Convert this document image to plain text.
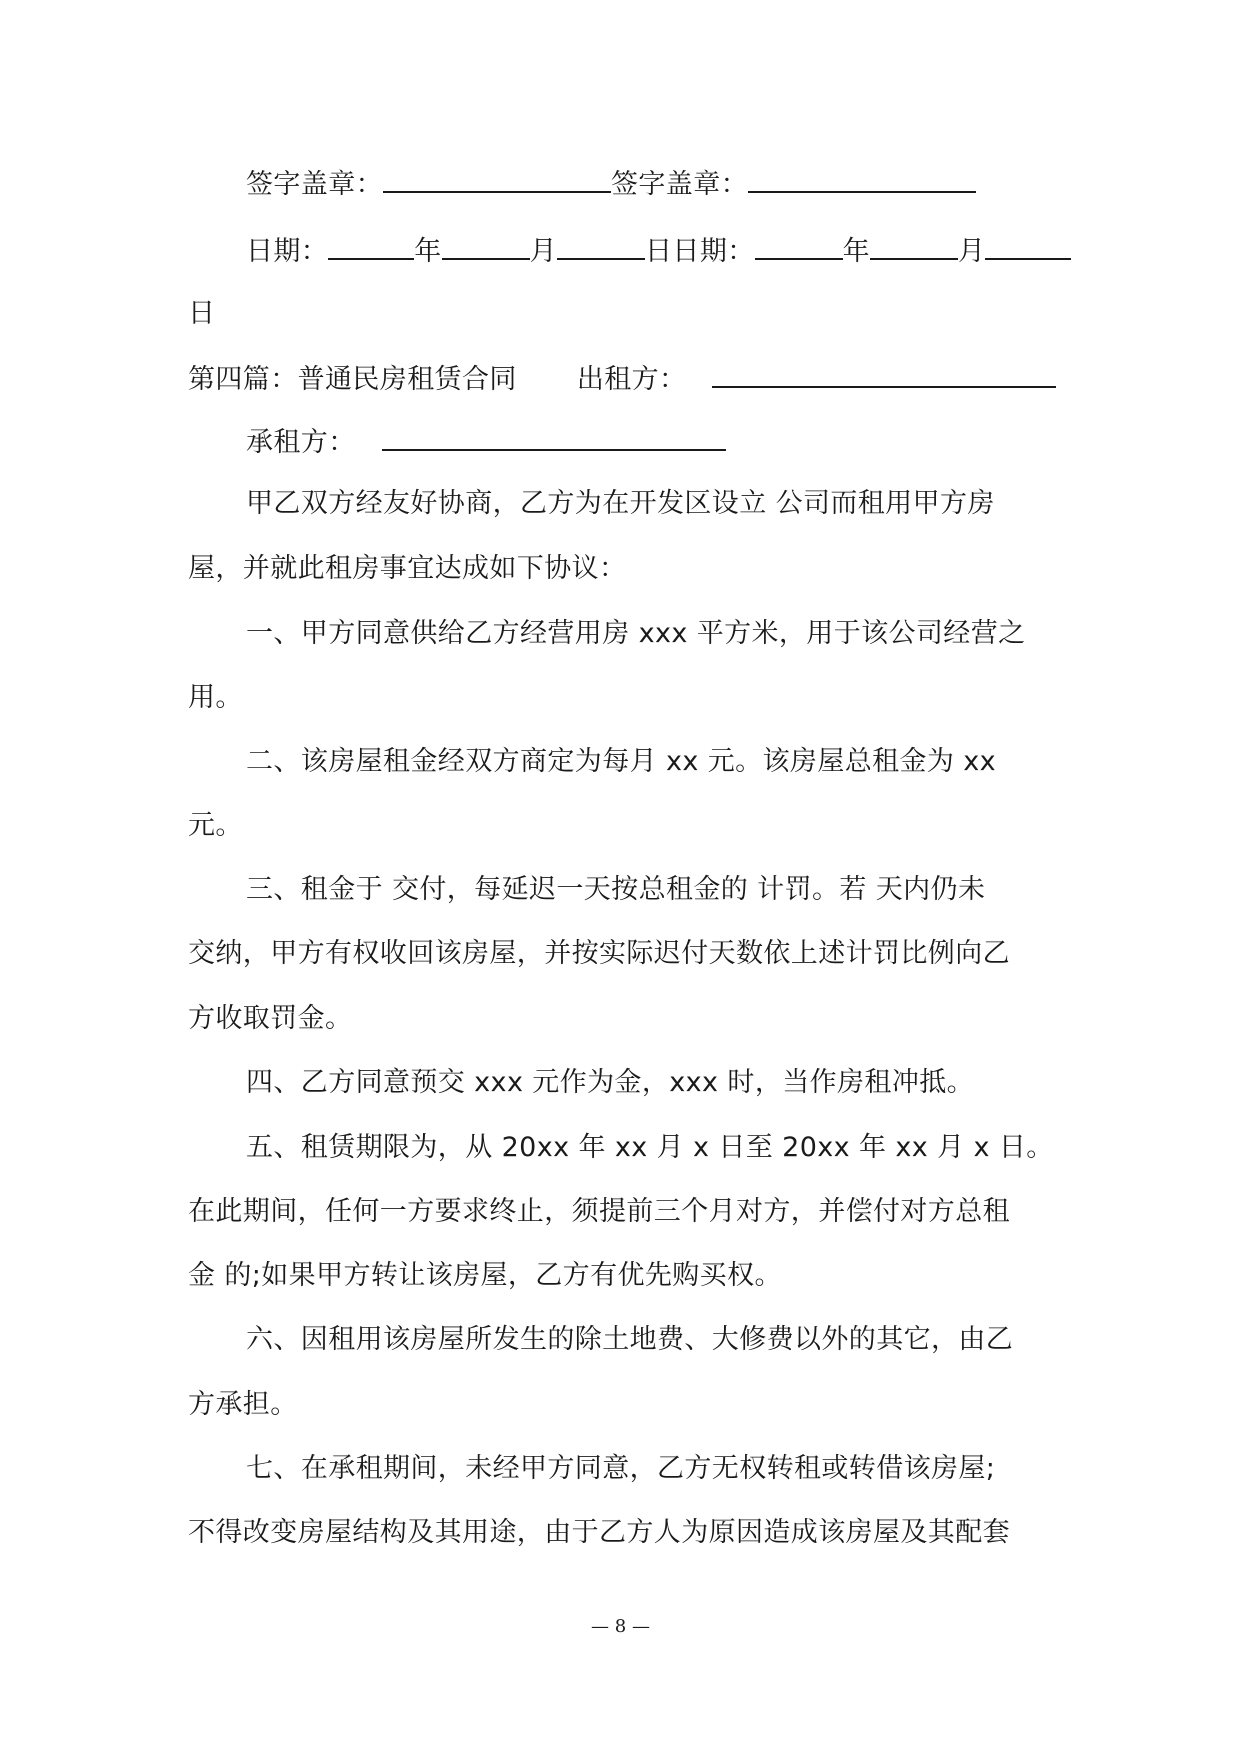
签字盖章：	签字盖章：
日期：	年	月	日日期：	年	月
日
第四篇：普通民房租赁合同 出租方：
承租方：
甲乙双方经友好协商，乙方为在开发区设立 公司而租用甲方房
屋，并就此租房事宜达成如下协议：
一、甲方同意供给乙方经营用房 xxx 平方米，用于该公司经营之
用。
二、该房屋租金经双方商定为每月 xx 元。该房屋总租金为 xx
元。
三、租金于 交付，每延迟一天按总租金的 计罚。若 天内仍未
交纳，甲方有权收回该房屋，并按实际迟付天数依上述计罚比例向乙
方收取罚金。
四、乙方同意预交 xxx 元作为金，xxx 时，当作房租冲抵。
五、租赁期限为，从 20xx 年 xx 月 x 日至 20xx 年 xx 月 x 日。
在此期间，任何一方要求终止，须提前三个月对方，并偿付对方总租
金 的;如果甲方转让该房屋，乙方有优先购买权。
六、因租用该房屋所发生的除土地费、大修费以外的其它，由乙
方承担。
七、在承租期间，未经甲方同意，乙方无权转租或转借该房屋;
不得改变房屋结构及其用途，由于乙方人为原因造成该房屋及其配套
— 8 —
